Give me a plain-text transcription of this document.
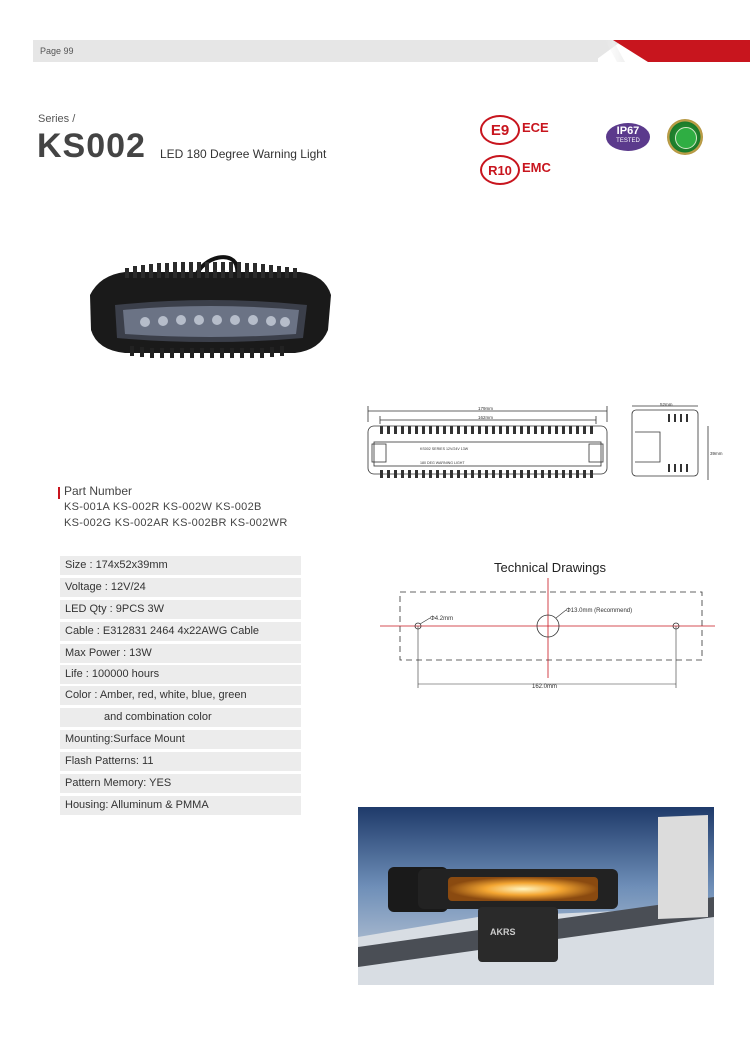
Page 99
Series /
KS002 LED 180 Degree Warning Light
E9 ECE
R10 EMC
IP67
TESTED
179mm
162mm
52mm
39mm
KS002 SERIES 12V/24V 13W
180 DEG WARNING LIGHT
Part Number
KS-001A KS-002R KS-002W KS-002B
KS-002G KS-002AR KS-002BR KS-002WR
Size : 174x52x39mm
Voltage : 12V/24
LED Qty : 9PCS 3W
Cable : E312831 2464 4x22AWG Cable
Max Power : 13W
Life : 100000 hours
Color : Amber, red, white, blue, green
and combination color
Mounting:Surface Mount
Flash Patterns: 11
Pattern Memory: YES
Housing: Alluminum & PMMA
Technical Drawings
Φ4.2mm
Φ13.0mm (Recommend)
162.0mm
AKRS
